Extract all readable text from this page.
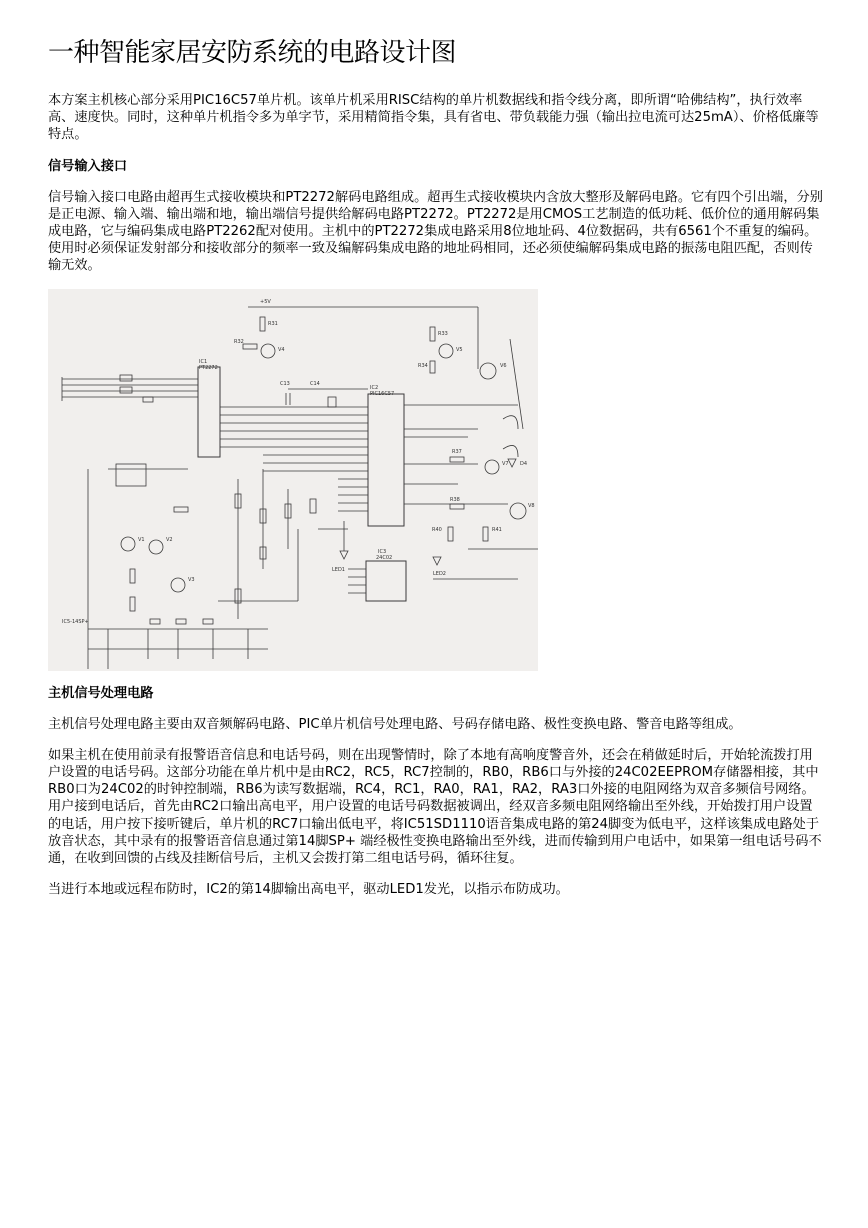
一种智能家居安防系统的电路设计图

本方案主机核心部分采用PIC16C57单片机。该单片机采用RISC结构的单片机数据线和指令线分离，即所谓“哈佛结构”，执行效率高、速度快。同时，这种单片机指令多为单字节，采用精简指令集，具有省电、带负载能力强（输出拉电流可达25mA）、价格低廉等特点。

信号输入接口

信号输入接口电路由超再生式接收模块和PT2272解码电路组成。超再生式接收模块内含放大整形及解码电路。它有四个引出端，分别是正电源、输入端、输出端和地，输出端信号提供给解码电路PT2272。PT2272是用CMOS工艺制造的低功耗、低价位的通用解码集成电路，它与编码集成电路PT2262配对使用。主机中的PT2272集成电路采用8位地址码、4位数据码，共有6561个不重复的编码。使用时必须保证发射部分和接收部分的频率一致及编解码集成电路的地址码相同，还必须使编解码集成电路的振荡电阻匹配，否则传输无效。

IC1
PT2272
IC2
PIC16C57
IC3
24C02
+5V
R31
R32
V4
R33
R34
V5
V6
C13	C14
V7
V8
R37
R38
R40	R41
D4
LED2
V1	V2
V3
IC5-14SP+
LED1
主机信号处理电路

主机信号处理电路主要由双音频解码电路、PIC单片机信号处理电路、号码存储电路、极性变换电路、警音电路等组成。

如果主机在使用前录有报警语音信息和电话号码，则在出现警情时，除了本地有高响度警音外，还会在稍做延时后，开始轮流拨打用户设置的电话号码。这部分功能在单片机中是由RC2，RC5，RC7控制的，RB0，RB6口与外接的24C02EEPROM存储器相接，其中RB0口为24C02的时钟控制端，RB6为读写数据端，RC4，RC1，RA0，RA1，RA2，RA3口外接的电阻网络为双音多频信号网络。用户接到电话后，首先由RC2口输出高电平，用户设置的电话号码数据被调出，经双音多频电阻网络输出至外线，开始拨打用户设置的电话，用户按下接听键后，单片机的RC7口输出低电平，将IC51SD1110语音集成电路的第24脚变为低电平，这样该集成电路处于放音状态，其中录有的报警语音信息通过第14脚SP+ 端经极性变换电路输出至外线，进而传输到用户电话中，如果第一组电话号码不通，在收到回馈的占线及挂断信号后，主机又会拨打第二组电话号码，循环往复。

当进行本地或远程布防时，IC2的第14脚输出高电平，驱动LED1发光，以指示布防成功。
